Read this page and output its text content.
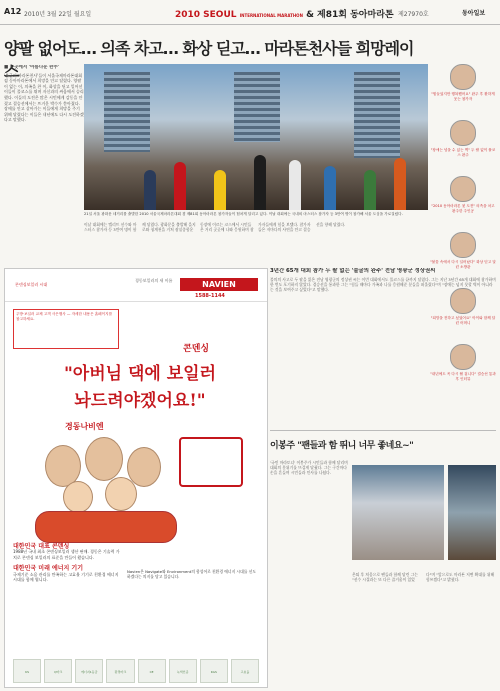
A12 2010년 3월 22일 월요일	2010 SEOUL INTERNATIONAL MARATHON & 제81회 동아마라톤 제27970호	동아일보
양팔 없어도… 의족 차고… 화상 딛고… 마라톤천사들 희망레이스
■ 곳곳에서 '아름다운 완주'
'불굴의 마라톤천사'들이 서울국제마라톤대회 겸 동아마라톤에서 희망을 안고 달렸다. 양팔이 없는 이, 의족을 찬 이, 화상을 딛고 일어선 이들이 풀코스를 뛰며 자신과의 싸움에서 승리했다. 이들의 도전은 많은 시민에게 감동을 안겼고 결승선에서는 뜨거운 박수가 쏟아졌다. 장애를 안고 살아가는 이들에게 희망을 주기 위해 달렸다는 이들은 내년에도 다시 도전하겠다고 말했다.
21일 서울 광화문 네거리를 출발한 2010 서울국제마라톤대회 겸 제81회 동아마라톤 참가자들이 힘차게 달리고 있다. 이날 대회에는 국내외 마스터스 참가자 등 3만여 명이 참가해 서울 도심을 가로질렀다.
이날 대회에는 엘리트 선수와 마스터스 참가자 등 3만여 명이 함께 달렸다. 광화문을 출발해 을지로와 청계천을 거쳐 잠실종합운동장에 이르는 코스에서 시민들은 거리 곳곳에 나와 응원하며 참가자들에게 힘을 보탰다. 참가자들은 저마다의 사연을 안고 결승선을 향해 달렸다.
"힘들었지만 행복했어요" 완주 후 환하게 웃는 참가자
"장애는 넘을 수 있는 벽" 두 팔 없이 풀코스 완주
"2010 동아마라톤 첫 도전" 의족을 차고 완주한 주인공
"불꽃 속에서 다시 일어났다" 화상 딛고 달린 소방관
"희망을 전하고 싶었어요" 아이와 함께 달린 어머니
"내년에도 꼭 다시 뛸 겁니다" 결승선 통과 후 인터뷰
콘덴싱보일러 시대
경동보일러의 새 이름	NAVIEN
1588-1144
주방·보일러 교체 고객 사은행사 — 자세한 내용은 홈페이지를 참고하세요.
콘덴싱
"아버님 댁에 보일러
놔드려야겠어요!"
경동나비엔
대한민국 대표 콘덴싱
1988년 국내 최초 콘덴싱보일러 생산 판매. 경동은 기술력 가치로 콘덴싱 보일러의 표준을 만들어 왔습니다.
대한민국 미래 에너지 기기
국제기준 소음 관리를 만족하는 고효율 기기로 친환경 에너지 시대를 함께 엽니다.
Navien은 Navigate와 Environment의 합성어로 친환경 에너지 시대를 선도하겠다는 의지를 담고 있습니다.
KS	Q마크	에너지1등급	환경마크	CE	녹색인증	KGS	고효율
3년간 65개 대회 참가 두 팔 없는 '불굴의 완주' 전남 영광군 정상권씨
불의의 사고로 두 팔을 잃은 전남 영광군의 정상권 씨는 이번 대회에서도 풀코스를 끝까지 달렸다. 그는 지난 3년간 65개 대회에 참가하며 한 번도 포기하지 않았다. 결승선을 통과한 그는 "힘들 때마다 가족과 나를 응원해준 분들을 떠올렸다"며 "장애는 넘지 못할 벽이 아니라는 것을 보여주고 싶었다"고 말했다.
이봉주 "팬들과 함 뛰니 너무 좋네요~"
'국민 마라토너' 이봉주가 시민들과 함께 달리며 대회의 분위기를 뜨겁게 달궜다. 그는 구간마다 손을 흔들며 시민들과 인사를 나눴다.
은퇴 후 처음으로 팬들과 함께 달린 그는 "선수 시절과는 또 다른 즐거움이 있었다"며 "앞으로도 마라톤 저변 확대를 위해 힘쓰겠다"고 밝혔다.
